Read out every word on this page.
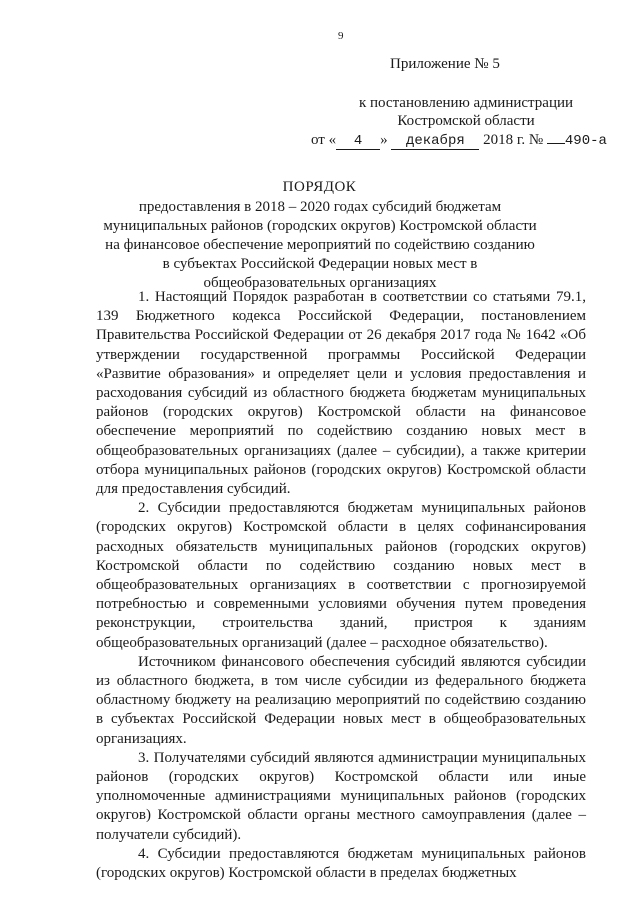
9
Приложение № 5
к постановлению администрации
Костромской области
от « 4 » декабря 2018 г. № 490-а
ПОРЯДОК
предоставления в 2018 – 2020 годах субсидий бюджетам муниципальных районов (городских округов) Костромской области на финансовое обеспечение мероприятий по содействию созданию в субъектах Российской Федерации новых мест в общеобразовательных организациях

1. Настоящий Порядок разработан в соответствии со статьями 79.1, 139 Бюджетного кодекса Российской Федерации, постановлением Правительства Российской Федерации от 26 декабря 2017 года № 1642 «Об утверждении государственной программы Российской Федерации «Развитие образования» и определяет цели и условия предоставления и расходования субсидий из областного бюджета бюджетам муниципальных районов (городских округов) Костромской области на финансовое обеспечение мероприятий по содействию созданию новых мест в общеобразовательных организациях (далее – субсидии), а также критерии отбора муниципальных районов (городских округов) Костромской области для предоставления субсидий.

2. Субсидии предоставляются бюджетам муниципальных районов (городских округов) Костромской области в целях софинансирования расходных обязательств муниципальных районов (городских округов) Костромской области по содействию созданию новых мест в общеобразовательных организациях в соответствии с прогнозируемой потребностью и современными условиями обучения путем проведения реконструкции, строительства зданий, пристроя к зданиям общеобразовательных организаций (далее – расходное обязательство).

Источником финансового обеспечения субсидий являются субсидии из областного бюджета, в том числе субсидии из федерального бюджета областному бюджету на реализацию мероприятий по содействию созданию в субъектах Российской Федерации новых мест в общеобразовательных организациях.

3. Получателями субсидий являются администрации муниципальных районов (городских округов) Костромской области или иные уполномоченные администрациями муниципальных районов (городских округов) Костромской области органы местного самоуправления (далее – получатели субсидий).

4. Субсидии предоставляются бюджетам муниципальных районов (городских округов) Костромской области в пределах бюджетных
